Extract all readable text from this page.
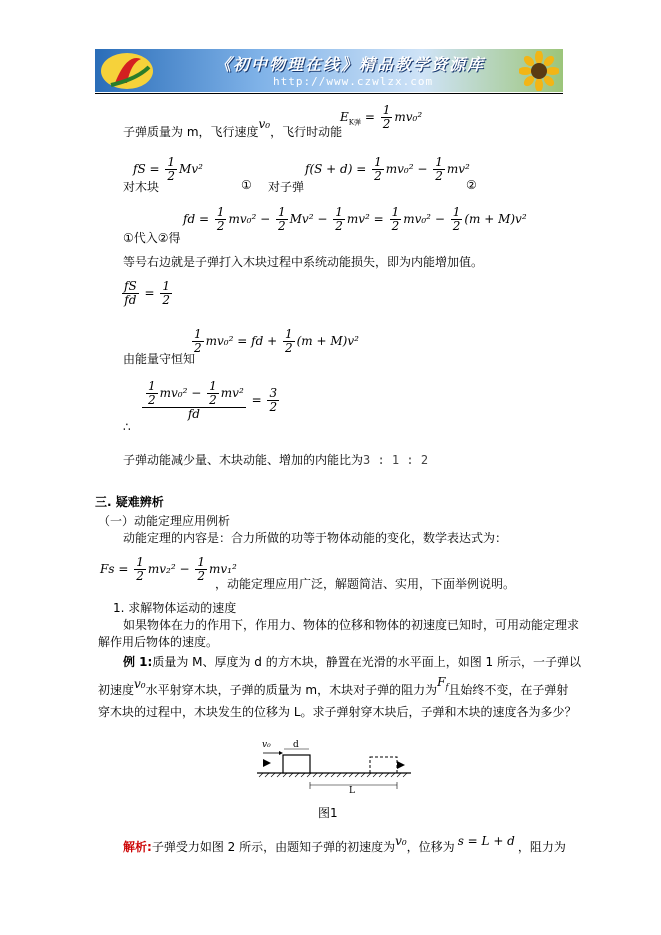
《初中物理在线》精品教学资源库
http://www.czwlzx.com
子弹质量为 m，飞行速度v₀，飞行时动能
$E_{K弹} = \frac{1}{2} mv_0^2$
fS = $\frac{1}{2} Mv^2$
对木块	① 对子弹
$f(S + d) = \frac{1}{2} mv_0^2 - \frac{1}{2} mv^2$
②
①代入②得
fd = $\frac{1}{2} mv_0^2 - \frac{1}{2} Mv^2 - \frac{1}{2} mv^2 = \frac{1}{2} mv_0^2 - \frac{1}{2} (m + M)v^2$
等号右边就是子弹打入木块过程中系统动能损失，即为内能增加值。
$\frac{fS}{fd} = \frac{1}{2}$
$\frac{1}{2} mv_0^2$ = fd + $\frac{1}{2} (m + M)v^2$
由能量守恒知
$\frac{\frac{1}{2} mv_0^2 - \frac{1}{2} mv^2}{fd} = \frac{3}{2}$
∴
子弹动能减少量、木块动能、增加的内能比为3 : 1 : 2
三. 疑难辨析
（一）动能定理应用例析
动能定理的内容是：合力所做的功等于物体动能的变化，数学表达式为：
$Fs = \frac{1}{2} mv_2^2 - \frac{1}{2} mv_1^2$
，动能定理应用广泛，解题简洁、实用，下面举例说明。
1. 求解物体运动的速度
如果物体在力的作用下，作用力、物体的位移和物体的初速度已知时，可用动能定理求
解作用后物体的速度。
例 1:质量为 M、厚度为 d 的方木块，静置在光滑的水平面上，如图 1 所示，一子弹以
初速度v₀水平射穿木块，子弹的质量为 m，木块对子弹的阻力为$F_f$且始终不变，在子弹射
穿木块的过程中，木块发生的位移为 L。求子弹射穿木块后，子弹和木块的速度各为多少？
v₀ d
L
图1
解析:子弹受力如图 2 所示，由题知子弹的初速度为v₀，位移为 s = L + d ，阻力为
